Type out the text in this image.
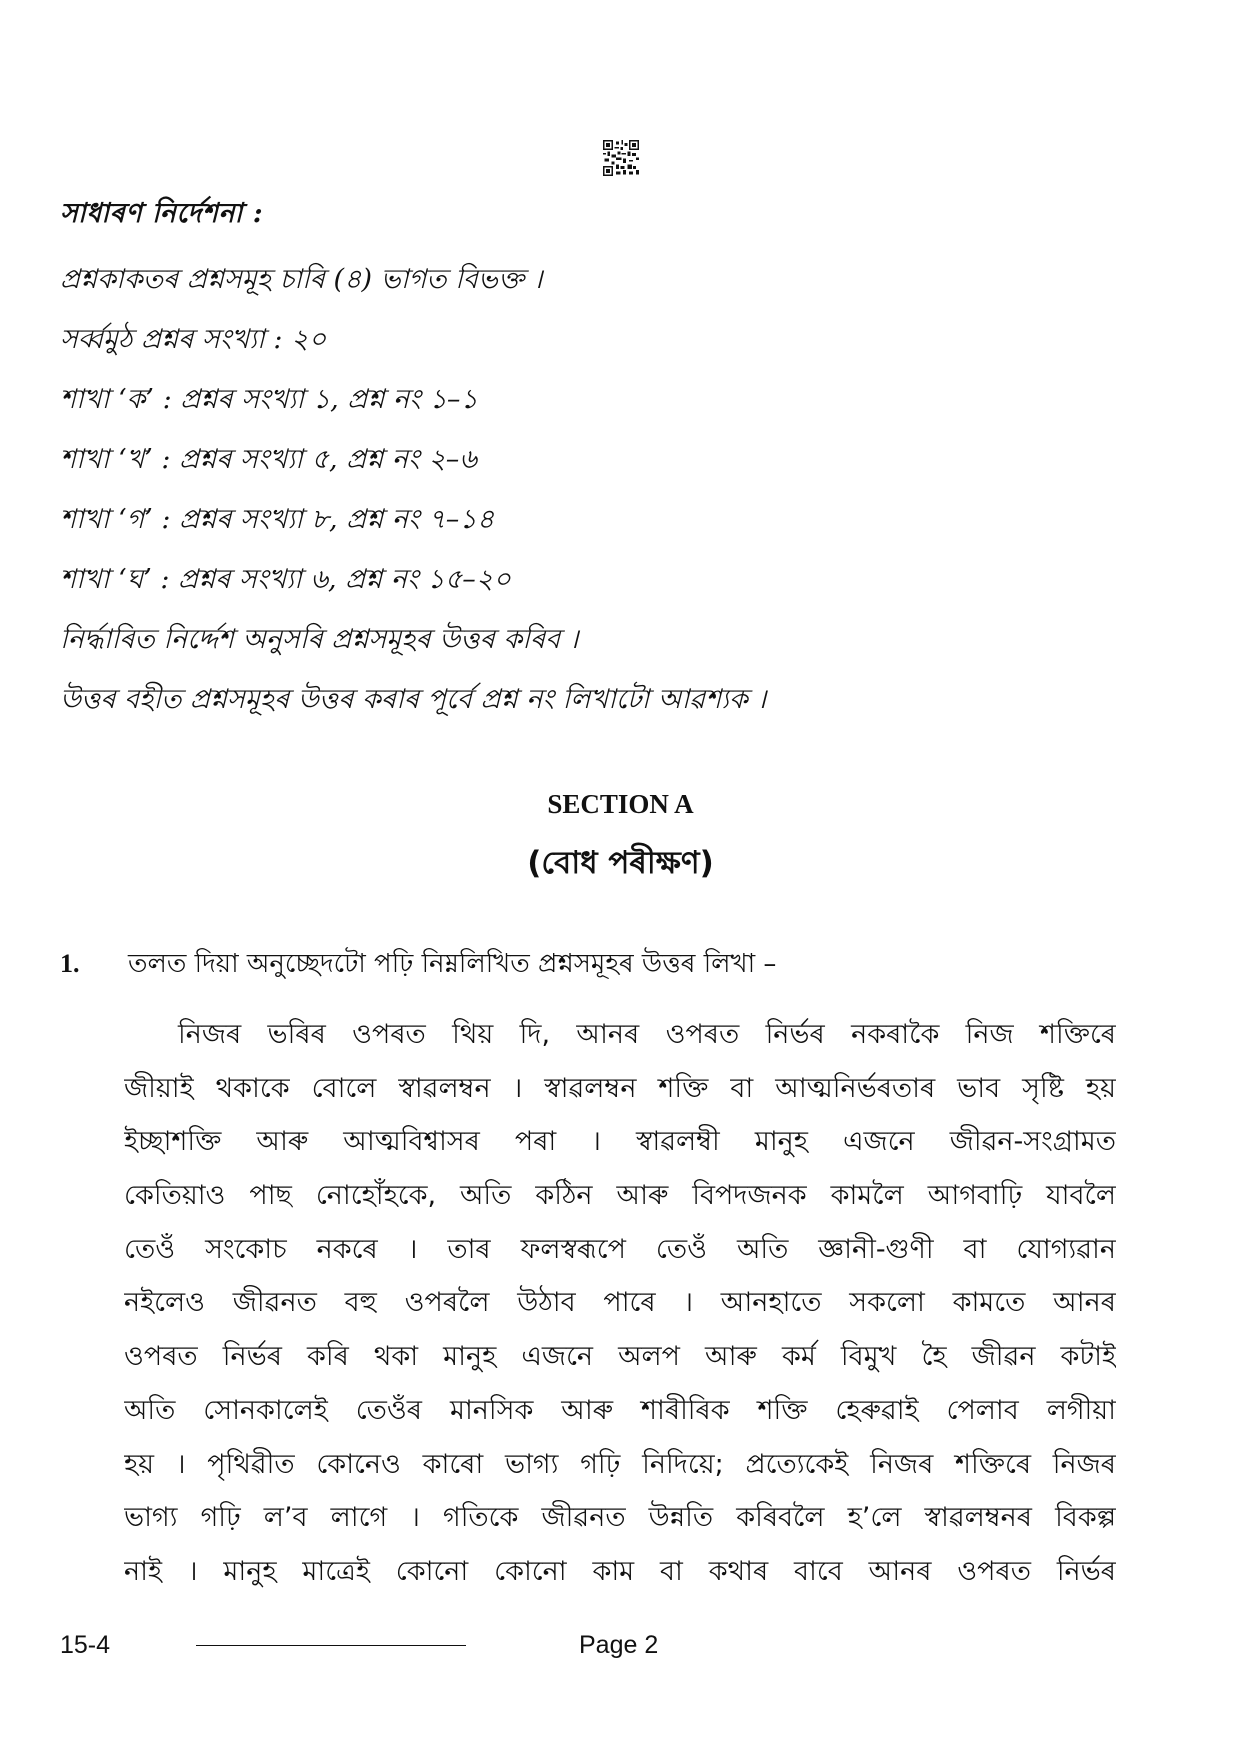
সাধাৰণ নিৰ্দেশনা :
প্ৰশ্নকাকতৰ প্ৰশ্নসমূহ চাৰি (৪) ভাগত বিভক্ত ।
সৰ্ব্বমুঠ প্ৰশ্নৰ সংখ্যা : ২০
শাখা ‘ক’ : প্ৰশ্নৰ সংখ্যা ১, প্ৰশ্ন নং ১–১
শাখা ‘খ’ : প্ৰশ্নৰ সংখ্যা ৫, প্ৰশ্ন নং ২–৬
শাখা ‘গ’ : প্ৰশ্নৰ সংখ্যা ৮, প্ৰশ্ন নং ৭–১৪
শাখা ‘ঘ’ : প্ৰশ্নৰ সংখ্যা ৬, প্ৰশ্ন নং ১৫–২০
নিৰ্দ্ধাৰিত নিৰ্দ্দেশ অনুসৰি প্ৰশ্নসমূহৰ উত্তৰ কৰিব ।
উত্তৰ বহীত প্ৰশ্নসমূহৰ উত্তৰ কৰাৰ পূৰ্বে প্ৰশ্ন নং লিখাটো আৱশ্যক ।
SECTION A
(বোধ পৰীক্ষণ)
1. তলত দিয়া অনুচ্ছেদটো পঢ়ি নিম্নলিখিত প্ৰশ্নসমূহৰ উত্তৰ লিখা –
নিজৰ ভৰিৰ ওপৰত থিয় দি, আনৰ ওপৰত নিৰ্ভৰ নকৰাকৈ নিজ শক্তিৰে
জীয়াই থকাকে বোলে স্বাৱলম্বন । স্বাৱলম্বন শক্তি বা আত্মনিৰ্ভৰতাৰ ভাব সৃষ্টি হয়
ইচ্ছাশক্তি আৰু আত্মবিশ্বাসৰ পৰা । স্বাৱলম্বী মানুহ এজনে জীৱন-সংগ্ৰামত
কেতিয়াও পাছ নোহোঁহকে, অতি কঠিন আৰু বিপদজনক কামলৈ আগবাঢ়ি যাবলৈ
তেওঁ সংকোচ নকৰে । তাৰ ফলস্বৰূপে তেওঁ অতি জ্ঞানী-গুণী বা যোগ্যৱান
নইলেও জীৱনত বহু ওপৰলৈ উঠাব পাৰে । আনহাতে সকলো কামতে আনৰ
ওপৰত নিৰ্ভৰ কৰি থকা মানুহ এজনে অলপ আৰু কৰ্ম বিমুখ হৈ জীৱন কটাই
অতি সোনকালেই তেওঁৰ মানসিক আৰু শাৰীৰিক শক্তি হেৰুৱাই পেলাব লগীয়া
হয় । পৃথিৱীত কোনেও কাৰো ভাগ্য গঢ়ি নিদিয়ে; প্ৰত্যেকেই নিজৰ শক্তিৰে নিজৰ
ভাগ্য গঢ়ি ল’ব লাগে । গতিকে জীৱনত উন্নতি কৰিবলৈ হ’লে স্বাৱলম্বনৰ বিকল্প
নাই । মানুহ মাত্ৰেই কোনো কোনো কাম বা কথাৰ বাবে আনৰ ওপৰত নিৰ্ভৰ
15-4	Page 2
